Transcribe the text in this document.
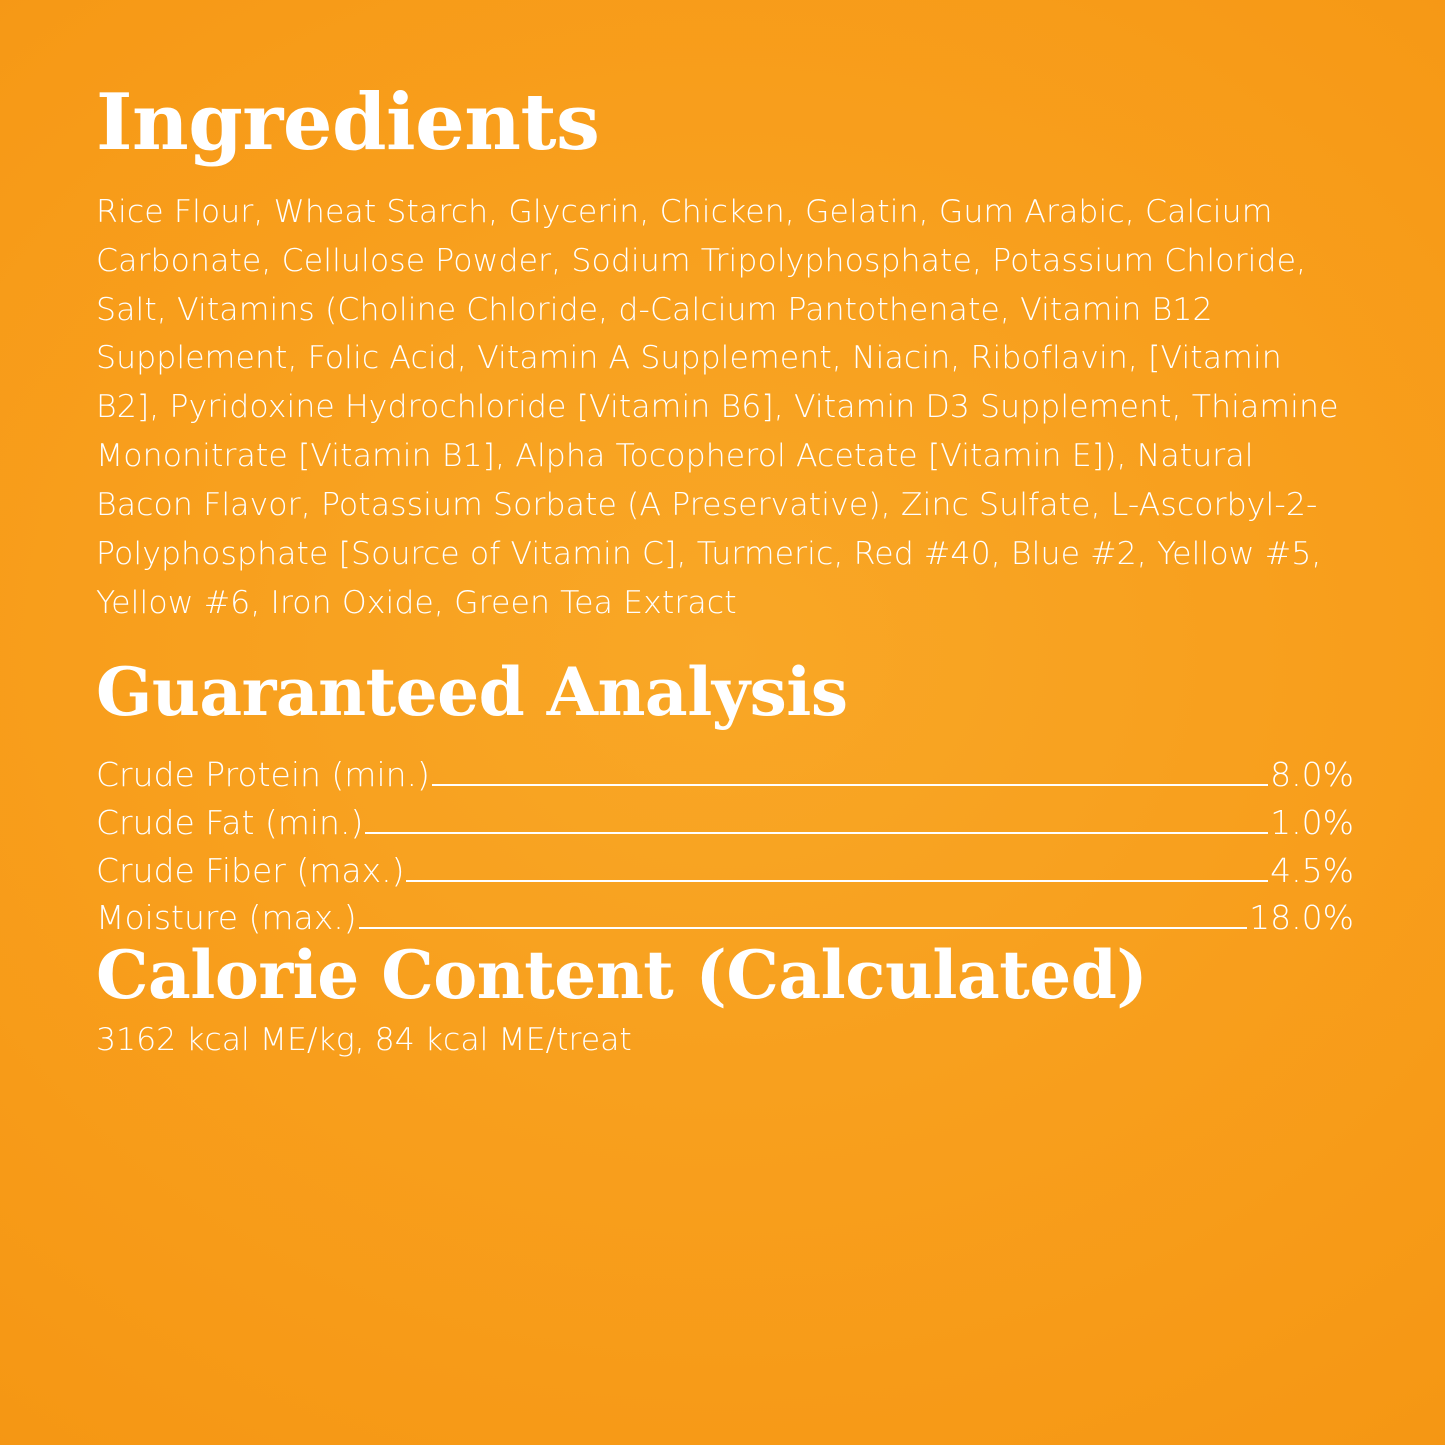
Ingredients

Rice Flour, Wheat Starch, Glycerin, Chicken, Gelatin, Gum Arabic, Calcium Carbonate, Cellulose Powder, Sodium Tripolyphosphate, Potassium Chloride, Salt, Vitamins (Choline Chloride, d-Calcium Pantothenate, Vitamin B12 Supplement, Folic Acid, Vitamin A Supplement, Niacin, Riboflavin, [Vitamin B2], Pyridoxine Hydrochloride [Vitamin B6], Vitamin D3 Supplement, Thiamine Mononitrate [Vitamin B1], Alpha Tocopherol Acetate [Vitamin E]), Natural Bacon Flavor, Potassium Sorbate (A Preservative), Zinc Sulfate, L-Ascorbyl-2-Polyphosphate [Source of Vitamin C], Turmeric, Red #40, Blue #2, Yellow #5, Yellow #6, Iron Oxide, Green Tea Extract

Guaranteed Analysis
Crude Protein (min.)	8.0%
Crude Fat (min.)	1.0%
Crude Fiber (max.)	4.5%
Moisture (max.)	18.0%
Calorie Content (Calculated)

3162 kcal ME/kg, 84 kcal ME/treat
